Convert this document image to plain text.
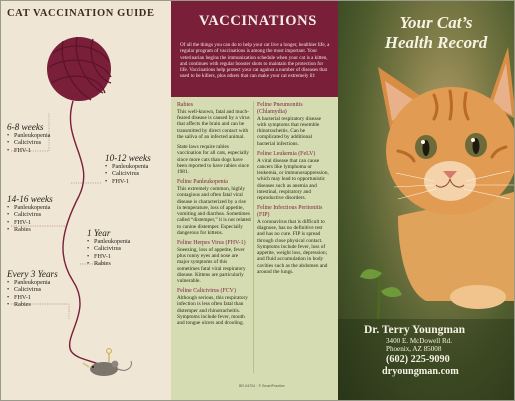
CAT VACCINATION GUIDE
6-8 weeks
• Panleukopenia
• Calicivirus
• FHV-1
10-12 weeks
• Panleukopenia
• Calicivirus
• FHV-1
14-16 weeks
• Panleukopenia
• Calicivirus
• FHV-1
• Rabies	1 Year
• Panleukopenia
• Calicivirus
• FHV-1
• Rabies
Every 3 Years
• Panleukopenia
• Calicivirus
• FHV-1
• Rabies
VACCINATIONS

Of all the things you can do to help your cat live a longer, healthier life, a regular program of vaccinations is among the most important. Your veterinarian begins the immunization schedule when your cat is a kitten, and continues with regular booster shots to maintain the protection for life. Vaccinations help protect your cat against a number of diseases that used to be killers, plus others that can make your cat extremely ill:

Rabies

This well-known, fatal and much-feared disease is caused by a virus that affects the brain and can be transmitted by direct contact with the saliva of an infected animal.

State laws require rabies vaccination for all cats, especially since more cats than dogs have been reported to have rabies since 1981.

Feline Panleukopenia

This extremely common, highly contagious and often fatal viral disease is characterized by a rise in temperature, loss of appetite, vomiting and diarrhea. Sometimes called “distemper,” it is not related to canine distemper. Especially dangerous for kittens.

Feline Herpes Virus (FHV-1)

Sneezing, loss of appetite, fever plus runny eyes and nose are major symptoms of this sometimes fatal viral respiratory disease. Kittens are particularly vulnerable.

Feline Calicivirus (FCV)

Although serious, this respiratory infection is less often fatal than distemper and rhinotracheitis. Symptoms include fever, mouth and tongue ulcers and drooling.

Feline Pneumonitis (Chlamydia)

A bacterial respiratory disease with symptoms that resemble rhinotracheitis. Can be complicated by additional bacterial infections.

Feline Leukemia (FeLV)

A viral disease that can cause cancers like lymphoma or leukemia, or immunosuppression, which may lead to opportunistic diseases such as anemia and intestinal, respiratory and reproductive disorders.

Feline Infectious Peritonitis (FIP)

A coronavirus that is difficult to diagnose, has no definitive test and has no cure. FIP is spread through close physical contact. Symptoms include fever, loss of appetite, weight loss, depression; and fluid accumulation in body cavities such as the abdomen and around the lungs.

BR-04704 · © SmartPractice
Your Cat’s
Health Record
Dr. Terry Youngman
3400 E. McDowell Rd.
Phoenix, AZ 85008
(602) 225-9090
dryoungman.com
